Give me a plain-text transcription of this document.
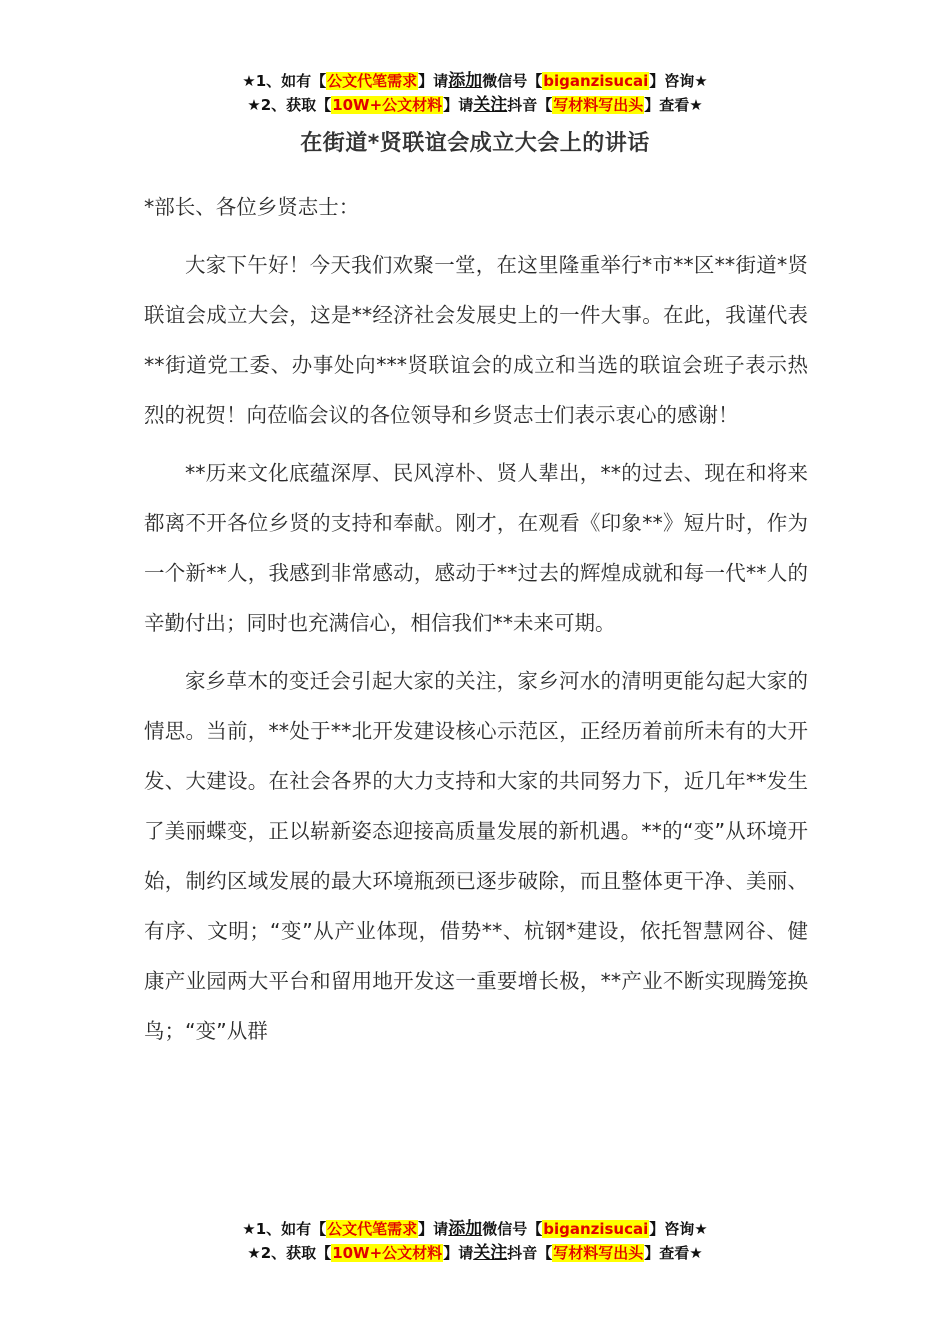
★1、如有【公文代笔需求】请添加微信号【biganzisucai】咨询★
★2、获取【10W+公文材料】请关注抖音【写材料写出头】查看★
在街道*贤联谊会成立大会上的讲话

*部长、各位乡贤志士：

大家下午好！今天我们欢聚一堂，在这里隆重举行*市**区**街道*贤联谊会成立大会，这是**经济社会发展史上的一件大事。在此，我谨代表**街道党工委、办事处向***贤联谊会的成立和当选的联谊会班子表示热烈的祝贺！向莅临会议的各位领导和乡贤志士们表示衷心的感谢！

**历来文化底蕴深厚、民风淳朴、贤人辈出，**的过去、现在和将来都离不开各位乡贤的支持和奉献。刚才，在观看《印象**》短片时，作为一个新**人，我感到非常感动，感动于**过去的辉煌成就和每一代**人的辛勤付出；同时也充满信心，相信我们**未来可期。

家乡草木的变迁会引起大家的关注，家乡河水的清明更能勾起大家的情思。当前，**处于**北开发建设核心示范区，正经历着前所未有的大开发、大建设。在社会各界的大力支持和大家的共同努力下，近几年**发生了美丽蝶变，正以崭新姿态迎接高质量发展的新机遇。**的“变”从环境开始，制约区域发展的最大环境瓶颈已逐步破除，而且整体更干净、美丽、有序、文明；“变”从产业体现，借势**、杭钢*建设，依托智慧网谷、健康产业园两大平台和留用地开发这一重要增长极，**产业不断实现腾笼换鸟；“变”从群

★1、如有【公文代笔需求】请添加微信号【biganzisucai】咨询★
★2、获取【10W+公文材料】请关注抖音【写材料写出头】查看★
